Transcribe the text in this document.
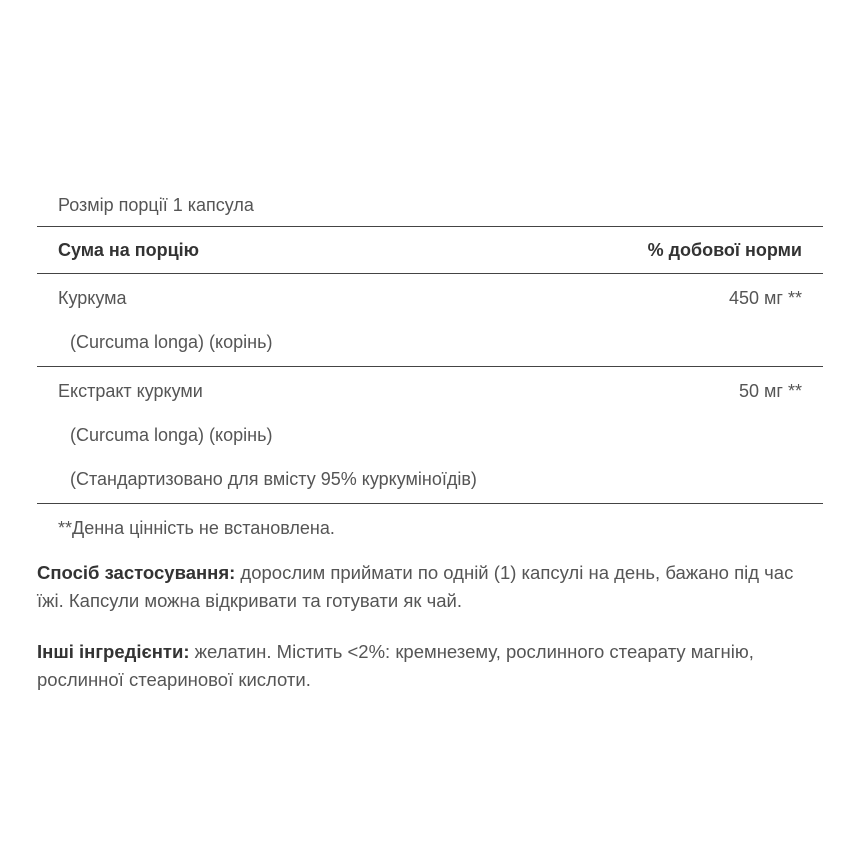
Розмір порції 1 капсула
Сума на порцію	% добової норми
Куркума	450 мг **
(Curcuma longa) (корінь)
Екстракт куркуми	50 мг **
(Curcuma longa) (корінь)
(Стандартизовано для вмісту 95% куркуміноїдів)
**Денна цінність не встановлена.
Спосіб застосування: дорослим приймати по одній (1) капсулі на день, бажано під час їжі. Капсули можна відкривати та готувати як чай.
Інші інгредієнти: желатин. Містить <2%: кремнезему, рослинного стеарату магнію, рослинної стеаринової кислоти.
